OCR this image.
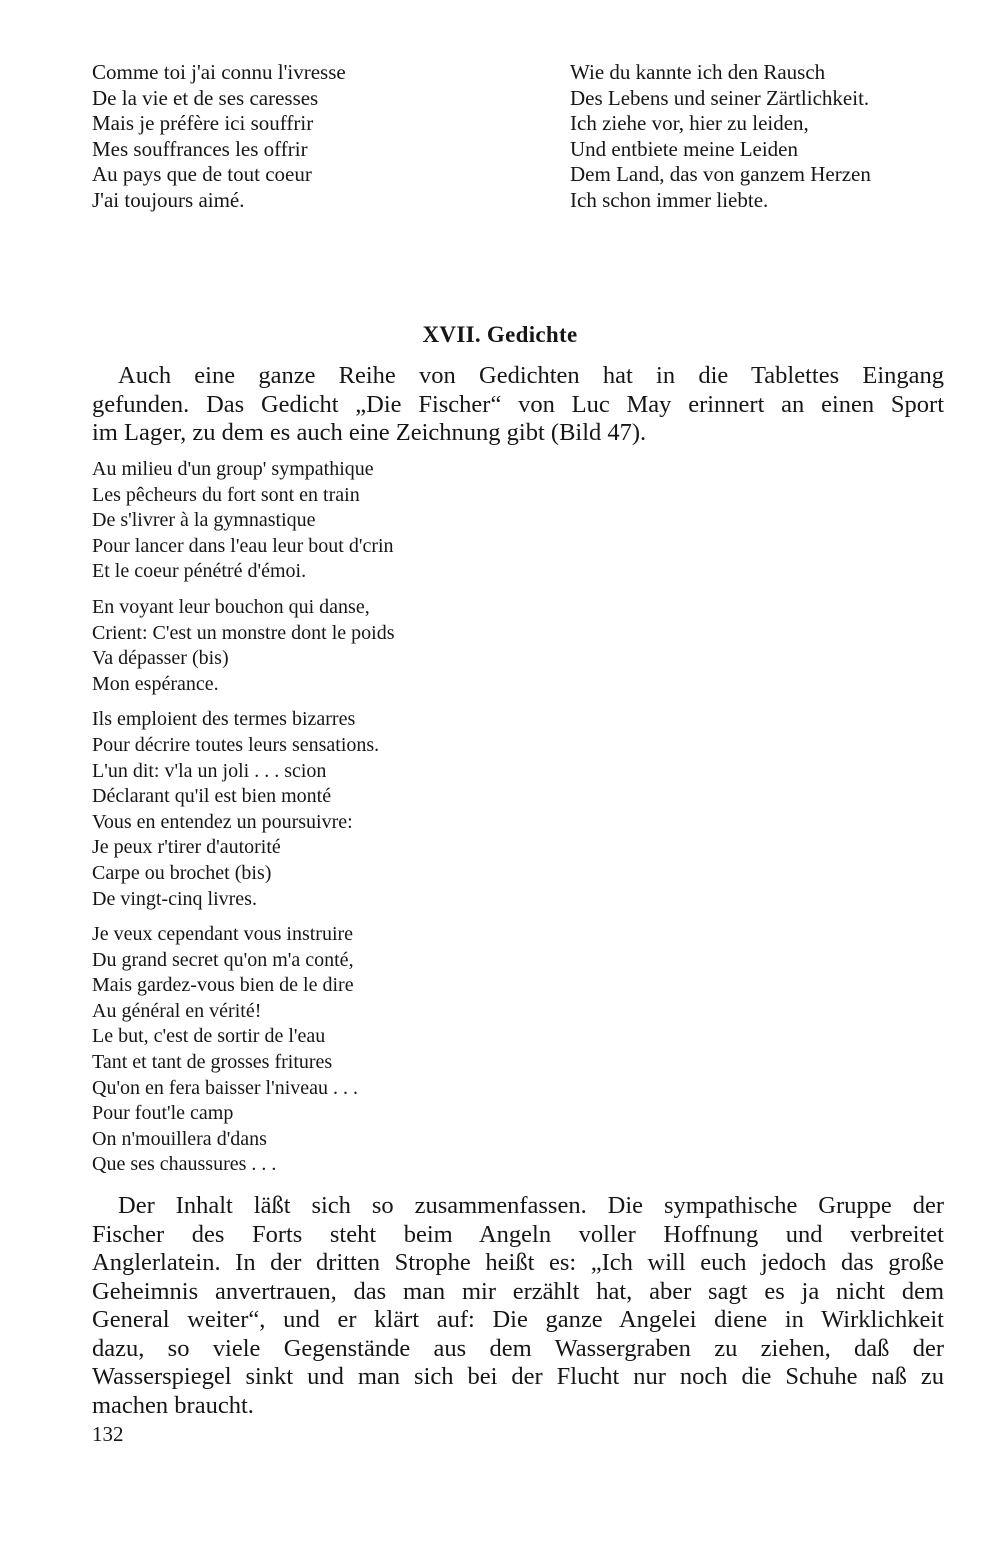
Comme toi j'ai connu l'ivresse
De la vie et de ses caresses
Mais je préfère ici souffrir
Mes souffrances les offrir
Au pays que de tout coeur
J'ai toujours aimé.
Wie du kannte ich den Rausch
Des Lebens und seiner Zärtlichkeit.
Ich ziehe vor, hier zu leiden,
Und entbiete meine Leiden
Dem Land, das von ganzem Herzen
Ich schon immer liebte.
XVII. Gedichte
Auch eine ganze Reihe von Gedichten hat in die Tablettes Eingang
gefunden. Das Gedicht „Die Fischer“ von Luc May erinnert an einen Sport
im Lager, zu dem es auch eine Zeichnung gibt (Bild 47).
Au milieu d'un group' sympathique
Les pêcheurs du fort sont en train
De s'livrer à la gymnastique
Pour lancer dans l'eau leur bout d'crin
Et le coeur pénétré d'émoi.
En voyant leur bouchon qui danse,
Crient: C'est un monstre dont le poids
Va dépasser (bis)
Mon espérance.
Ils emploient des termes bizarres
Pour décrire toutes leurs sensations.
L'un dit: v'la un joli . . . scion
Déclarant qu'il est bien monté
Vous en entendez un poursuivre:
Je peux r'tirer d'autorité
Carpe ou brochet (bis)
De vingt-cinq livres.
Je veux cependant vous instruire
Du grand secret qu'on m'a conté,
Mais gardez-vous bien de le dire
Au général en vérité!
Le but, c'est de sortir de l'eau
Tant et tant de grosses fritures
Qu'on en fera baisser l'niveau . . .
Pour fout'le camp
On n'mouillera d'dans
Que ses chaussures . . .
Der Inhalt läßt sich so zusammenfassen. Die sympathische Gruppe der
Fischer des Forts steht beim Angeln voller Hoffnung und verbreitet
Anglerlatein. In der dritten Strophe heißt es: „Ich will euch jedoch das große
Geheimnis anvertrauen, das man mir erzählt hat, aber sagt es ja nicht dem
General weiter“, und er klärt auf: Die ganze Angelei diene in Wirklichkeit
dazu, so viele Gegenstände aus dem Wassergraben zu ziehen, daß der
Wasserspiegel sinkt und man sich bei der Flucht nur noch die Schuhe naß zu
machen braucht.
132
